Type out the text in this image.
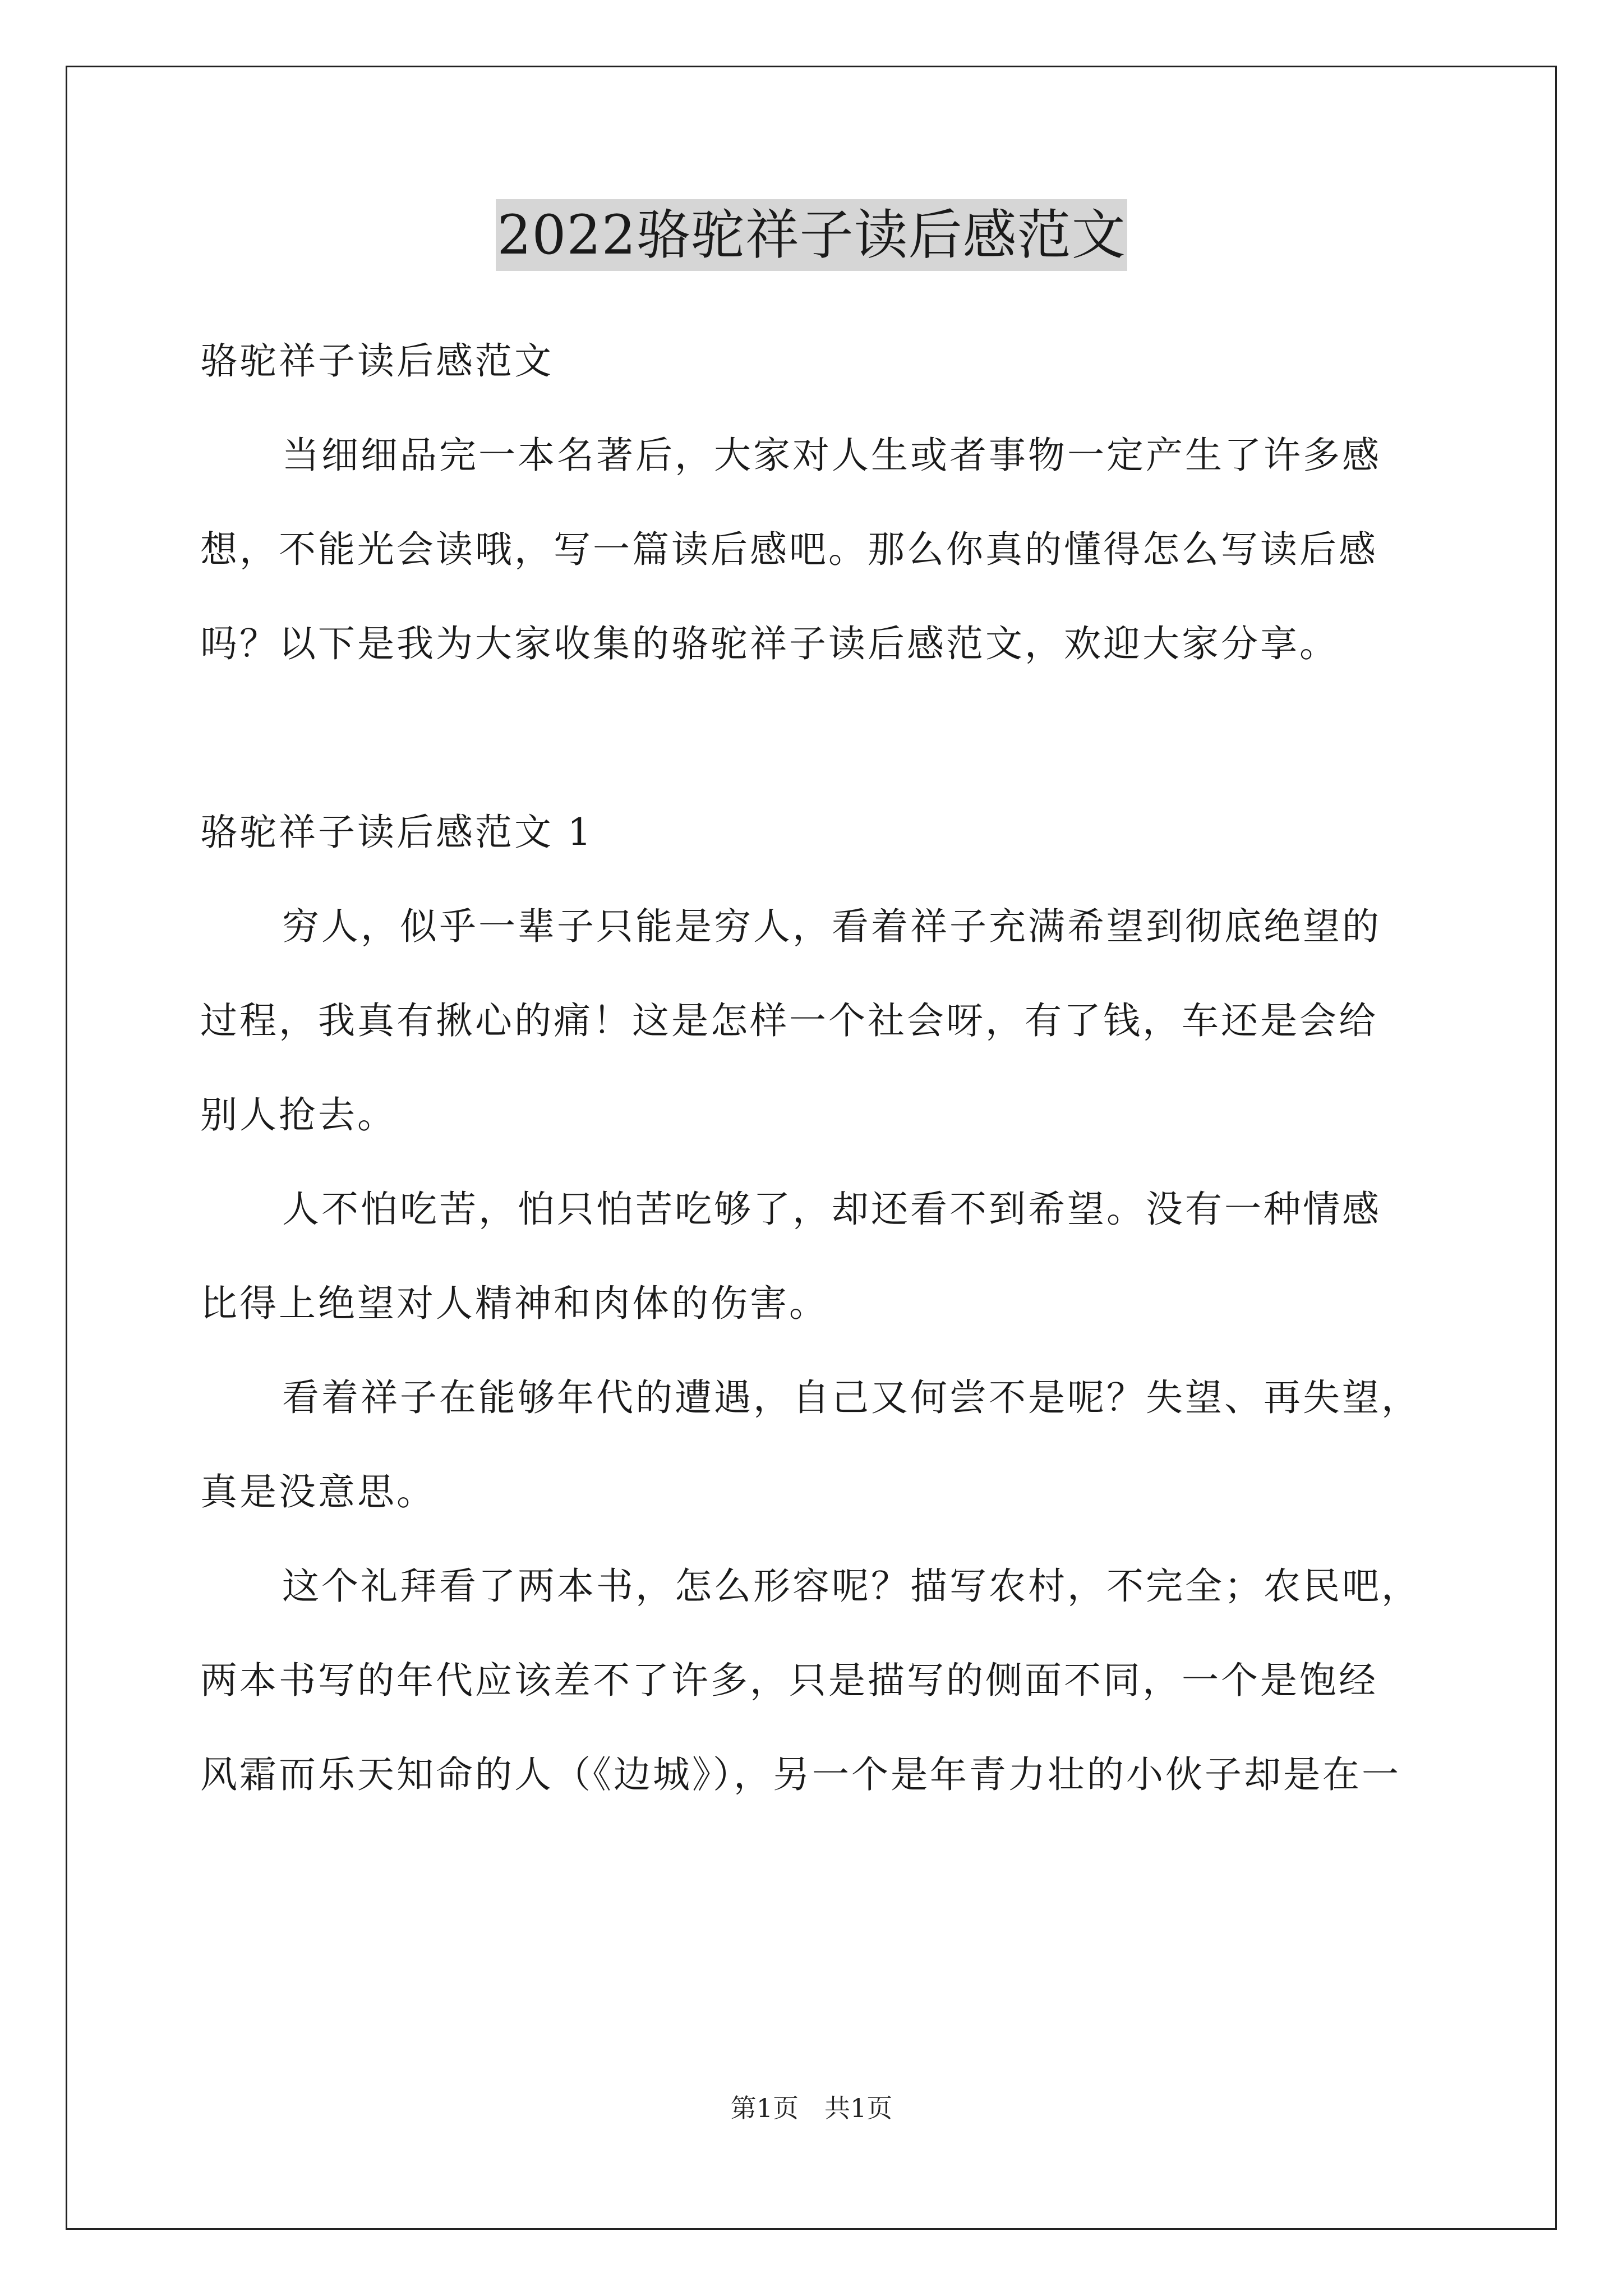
2022骆驼祥子读后感范文
骆驼祥子读后感范文
当细细品完一本名著后，大家对人生或者事物一定产生了许多感
想，不能光会读哦，写一篇读后感吧。那么你真的懂得怎么写读后感
吗？以下是我为大家收集的骆驼祥子读后感范文，欢迎大家分享。
骆驼祥子读后感范文 1
穷人，似乎一辈子只能是穷人，看着祥子充满希望到彻底绝望的
过程，我真有揪心的痛！这是怎样一个社会呀，有了钱，车还是会给
别人抢去。
人不怕吃苦，怕只怕苦吃够了，却还看不到希望。没有一种情感
比得上绝望对人精神和肉体的伤害。
看着祥子在能够年代的遭遇，自己又何尝不是呢？失望、再失望，
真是没意思。
这个礼拜看了两本书，怎么形容呢？描写农村，不完全；农民吧，
两本书写的年代应该差不了许多，只是描写的侧面不同，一个是饱经
风霜而乐天知命的人（《边城》），另一个是年青力壮的小伙子却是在一
第1页 共1页
